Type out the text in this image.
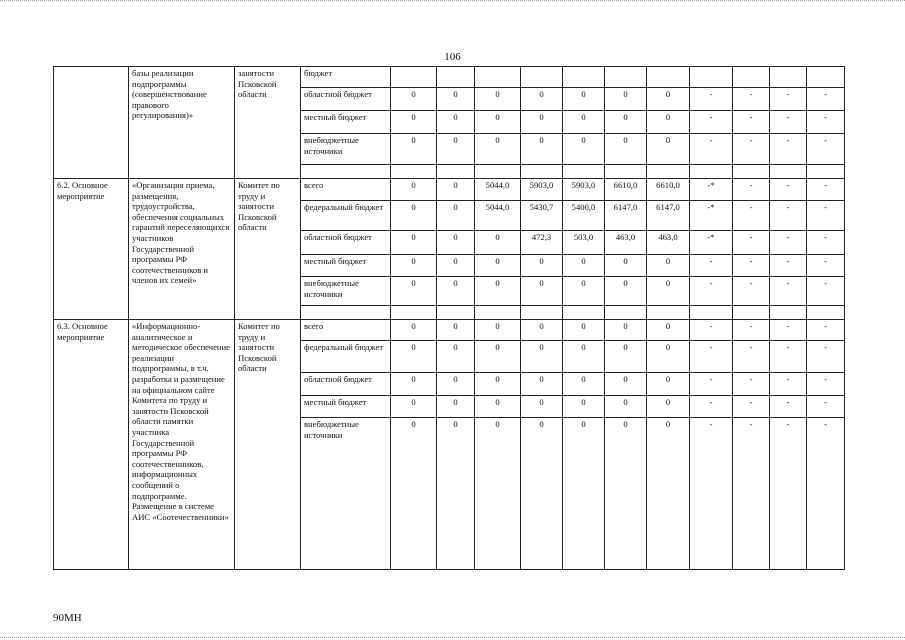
106
	базы реализации подпрограммы (совершенствование правового регулирования)»	занятости Псковской области	бюджет											
			областной бюджет	0	0	0	0	0	0	0	-	-	-	-
			местный бюджет	0	0	0	0	0	0	0	-	-	-	-
			внебюджетные источники	0	0	0	0	0	0	0	-	-	-	-

6.2. Основное мероприятие	«Организация приема, размещения, трудоустройства, обеспечения социальных гарантий переселяющихся участников Государственной программы РФ соотечественников и членов их семей»	Комитет по труду и занятости Псковской области	всего	0	0	5044,0	5903,0	5903,0	6610,0	6610,0	-*	-	-	-
			федеральный бюджет	0	0	5044,0	5430,7	5400,0	6147,0	6147,0	-*	-	-	-
			областной бюджет	0	0	0	472,3	503,0	463,0	463,0	-*	-	-	-
			местный бюджет	0	0	0	0	0	0	0	-	-	-	-
			внебюджетные источники	0	0	0	0	0	0	0	-	-	-	-

6.3. Основное мероприятие	«Информационно-аналитическое и методическое обеспечение реализации подпрограммы, в т.ч. разработка и размещение на официальном сайте Комитета по труду и занятости Псковской области памятки участника Государственной программы РФ соотечественников, информационных сообщений о подпрограмме. Размещение в системе АИС «Соотечественники»	Комитет по труду и занятости Псковской области	всего	0	0	0	0	0	0	0	-	-	-	-
			федеральный бюджет	0	0	0	0	0	0	0	-	-	-	-
			областной бюджет	0	0	0	0	0	0	0	-	-	-	-
			местный бюджет	0	0	0	0	0	0	0	-	-	-	-
			внебюджетные источники	0	0	0	0	0	0	0	-	-	-	-
90МН
